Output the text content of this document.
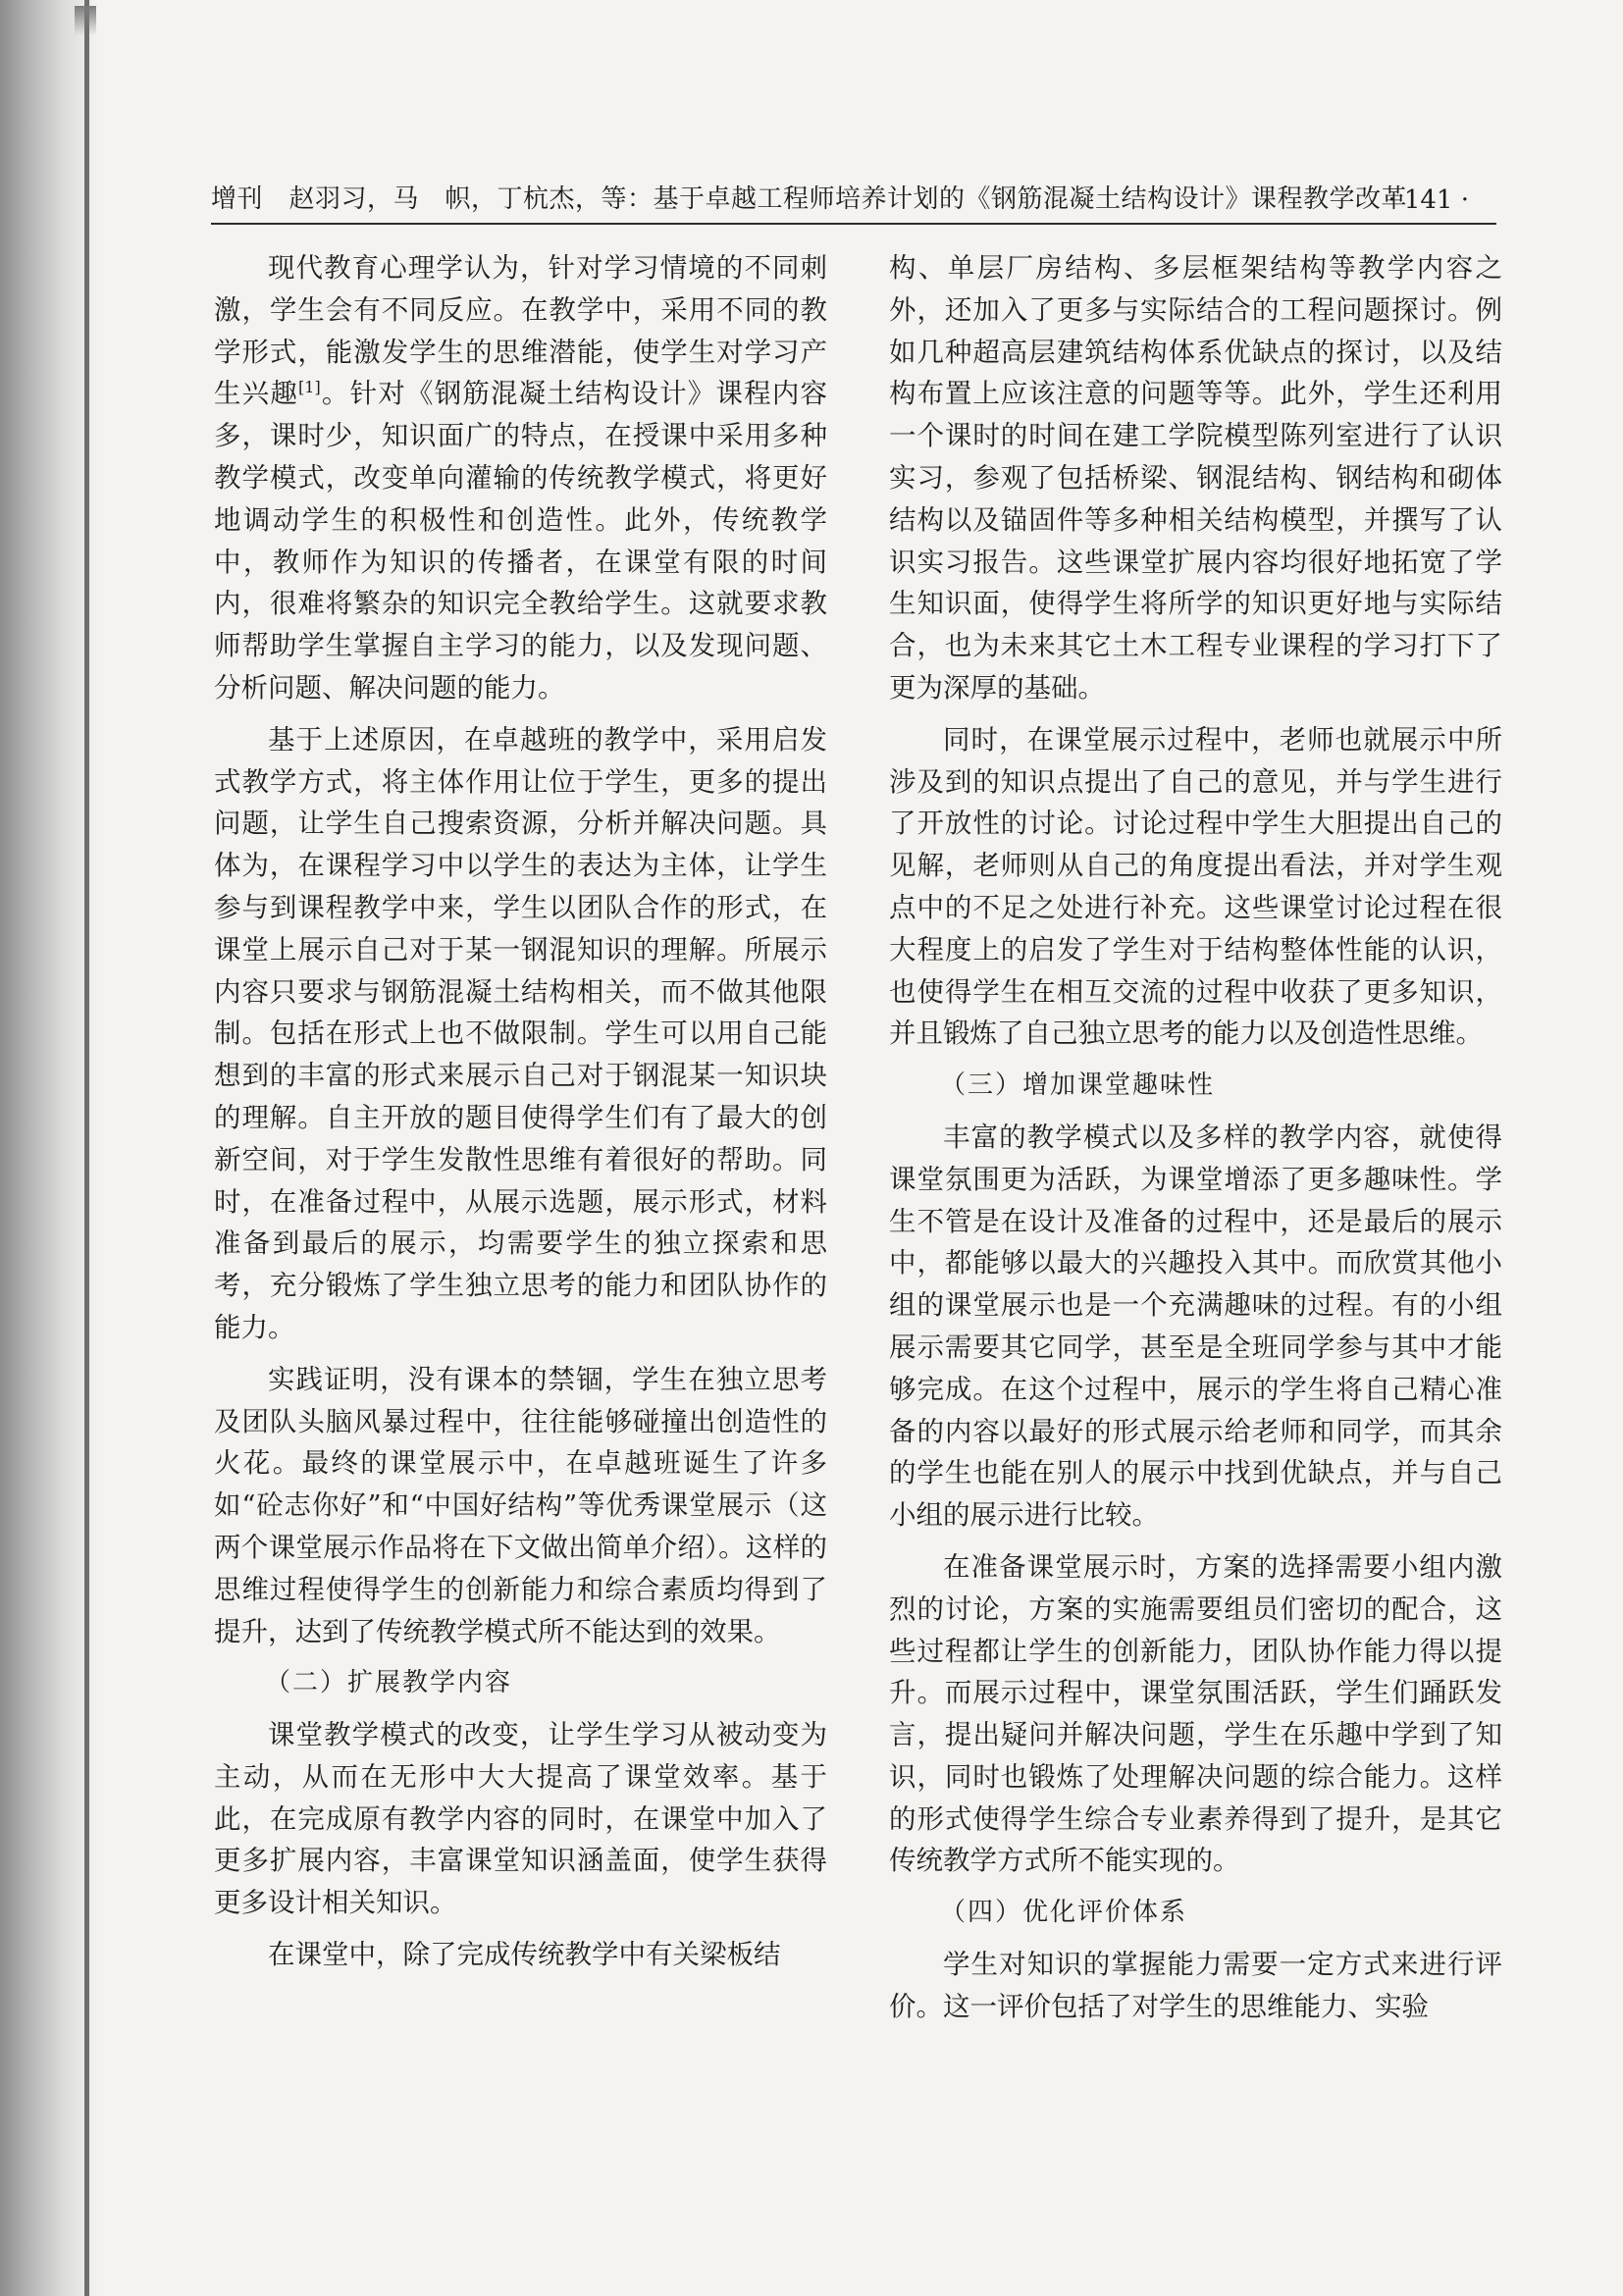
增刊　赵羽习，马　帜，丁杭杰，等：基于卓越工程师培养计划的《钢筋混凝土结构设计》课程教学改革
· 141 ·

现代教育心理学认为，针对学习情境的不同刺激，学生会有不同反应。在教学中，采用不同的教学形式，能激发学生的思维潜能，使学生对学习产生兴趣[1]。针对《钢筋混凝土结构设计》课程内容多，课时少，知识面广的特点，在授课中采用多种教学模式，改变单向灌输的传统教学模式，将更好地调动学生的积极性和创造性。此外，传统教学中，教师作为知识的传播者，在课堂有限的时间内，很难将繁杂的知识完全教给学生。这就要求教师帮助学生掌握自主学习的能力，以及发现问题、分析问题、解决问题的能力。

基于上述原因，在卓越班的教学中，采用启发式教学方式，将主体作用让位于学生，更多的提出问题，让学生自己搜索资源，分析并解决问题。具体为，在课程学习中以学生的表达为主体，让学生参与到课程教学中来，学生以团队合作的形式，在课堂上展示自己对于某一钢混知识的理解。所展示内容只要求与钢筋混凝土结构相关，而不做其他限制。包括在形式上也不做限制。学生可以用自己能想到的丰富的形式来展示自己对于钢混某一知识块的理解。自主开放的题目使得学生们有了最大的创新空间，对于学生发散性思维有着很好的帮助。同时，在准备过程中，从展示选题，展示形式，材料准备到最后的展示，均需要学生的独立探索和思考，充分锻炼了学生独立思考的能力和团队协作的能力。

实践证明，没有课本的禁锢，学生在独立思考及团队头脑风暴过程中，往往能够碰撞出创造性的火花。最终的课堂展示中，在卓越班诞生了许多如“砼志你好”和“中国好结构”等优秀课堂展示（这两个课堂展示作品将在下文做出简单介绍）。这样的思维过程使得学生的创新能力和综合素质均得到了提升，达到了传统教学模式所不能达到的效果。

（二）扩展教学内容

课堂教学模式的改变，让学生学习从被动变为主动，从而在无形中大大提高了课堂效率。基于此，在完成原有教学内容的同时，在课堂中加入了更多扩展内容，丰富课堂知识涵盖面，使学生获得更多设计相关知识。

在课堂中，除了完成传统教学中有关梁板结

构、单层厂房结构、多层框架结构等教学内容之外，还加入了更多与实际结合的工程问题探讨。例如几种超高层建筑结构体系优缺点的探讨，以及结构布置上应该注意的问题等等。此外，学生还利用一个课时的时间在建工学院模型陈列室进行了认识实习，参观了包括桥梁、钢混结构、钢结构和砌体结构以及锚固件等多种相关结构模型，并撰写了认识实习报告。这些课堂扩展内容均很好地拓宽了学生知识面，使得学生将所学的知识更好地与实际结合，也为未来其它土木工程专业课程的学习打下了更为深厚的基础。

同时，在课堂展示过程中，老师也就展示中所涉及到的知识点提出了自己的意见，并与学生进行了开放性的讨论。讨论过程中学生大胆提出自己的见解，老师则从自己的角度提出看法，并对学生观点中的不足之处进行补充。这些课堂讨论过程在很大程度上的启发了学生对于结构整体性能的认识，也使得学生在相互交流的过程中收获了更多知识，并且锻炼了自己独立思考的能力以及创造性思维。

（三）增加课堂趣味性

丰富的教学模式以及多样的教学内容，就使得课堂氛围更为活跃，为课堂增添了更多趣味性。学生不管是在设计及准备的过程中，还是最后的展示中，都能够以最大的兴趣投入其中。而欣赏其他小组的课堂展示也是一个充满趣味的过程。有的小组展示需要其它同学，甚至是全班同学参与其中才能够完成。在这个过程中，展示的学生将自己精心准备的内容以最好的形式展示给老师和同学，而其余的学生也能在别人的展示中找到优缺点，并与自己小组的展示进行比较。

在准备课堂展示时，方案的选择需要小组内激烈的讨论，方案的实施需要组员们密切的配合，这些过程都让学生的创新能力，团队协作能力得以提升。而展示过程中，课堂氛围活跃，学生们踊跃发言，提出疑问并解决问题，学生在乐趣中学到了知识，同时也锻炼了处理解决问题的综合能力。这样的形式使得学生综合专业素养得到了提升，是其它传统教学方式所不能实现的。

（四）优化评价体系

学生对知识的掌握能力需要一定方式来进行评价。这一评价包括了对学生的思维能力、实验
